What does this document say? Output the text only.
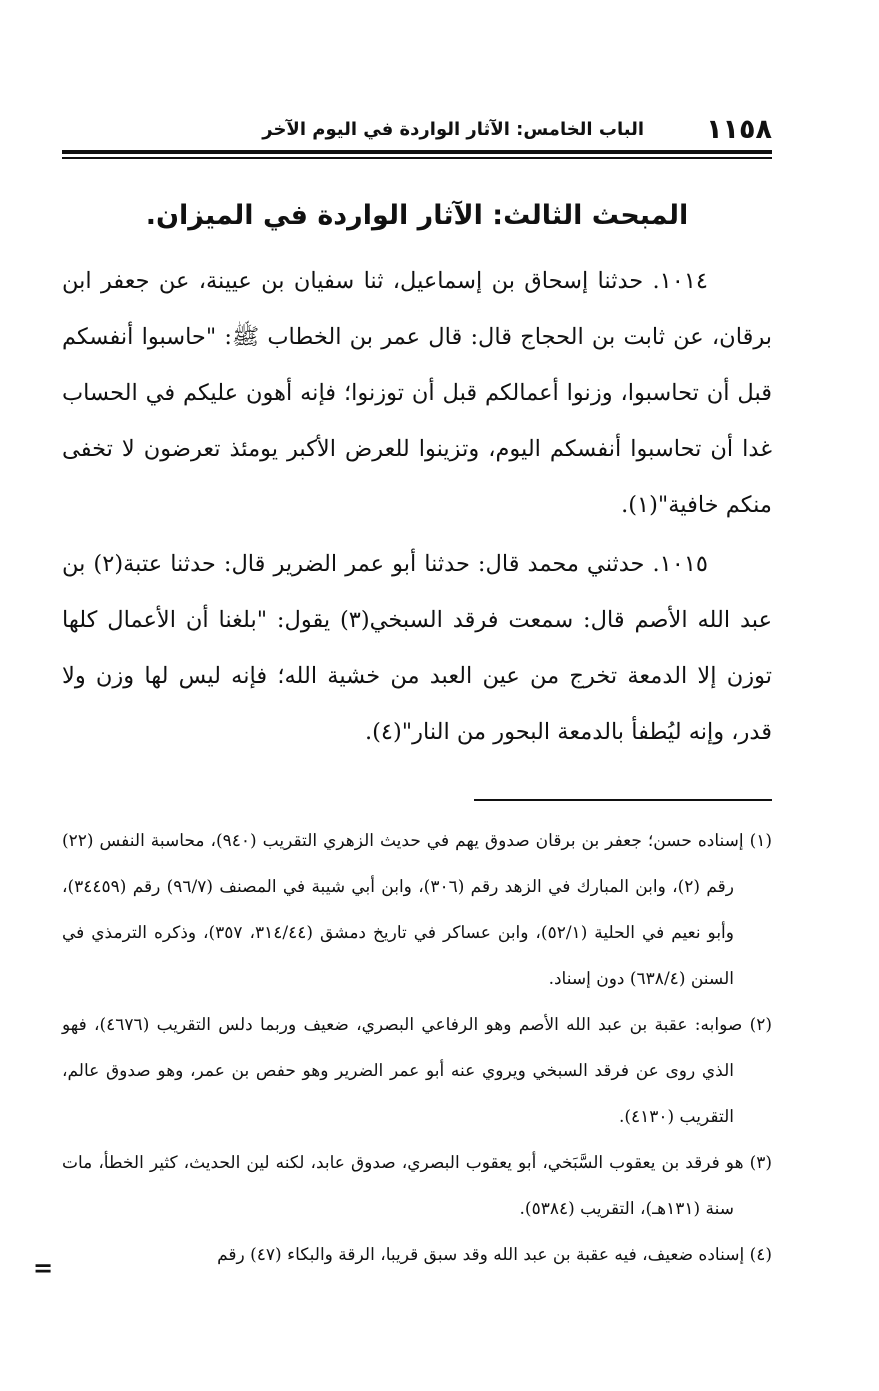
١١٥٨
الباب الخامس: الآثار الواردة في اليوم الآخر
المبحث الثالث: الآثار الواردة في الميزان.

١٠١٤. حدثنا إسحاق بن إسماعيل، ثنا سفيان بن عيينة، عن جعفر ابن برقان، عن ثابت بن الحجاج قال: قال عمر بن الخطاب ﷺ: "حاسبوا أنفسكم قبل أن تحاسبوا، وزنوا أعمالكم قبل أن توزنوا؛ فإنه أهون عليكم في الحساب غدا أن تحاسبوا أنفسكم اليوم، وتزينوا للعرض الأكبر يومئذ تعرضون لا تخفى منكم خافية"(١).

١٠١٥. حدثني محمد قال: حدثنا أبو عمر الضرير قال: حدثنا عتبة(٢) بن عبد الله الأصم قال: سمعت فرقد السبخي(٣) يقول: "بلغنا أن الأعمال كلها توزن إلا الدمعة تخرج من عين العبد من خشية الله؛ فإنه ليس لها وزن ولا قدر، وإنه ليُطفأ بالدمعة البحور من النار"(٤).

(١) إسناده حسن؛ جعفر بن برقان صدوق يهم في حديث الزهري التقريب (٩٤٠)، محاسبة النفس (٢٢) رقم (٢)، وابن المبارك في الزهد رقم (٣٠٦)، وابن أبي شيبة في المصنف (٩٦/٧) رقم (٣٤٤٥٩)، وأبو نعيم في الحلية (٥٢/١)، وابن عساكر في تاريخ دمشق (٣١٤/٤٤، ٣٥٧)، وذكره الترمذي في السنن (٦٣٨/٤) دون إسناد.

(٢) صوابه: عقبة بن عبد الله الأصم وهو الرفاعي البصري، ضعيف وربما دلس التقريب (٤٦٧٦)، فهو الذي روى عن فرقد السبخي ويروي عنه أبو عمر الضرير وهو حفص بن عمر، وهو صدوق عالم، التقريب (٤١٣٠).

(٣) هو فرقد بن يعقوب السَّبَخي، أبو يعقوب البصري، صدوق عابد، لكنه لين الحديث، كثير الخطأ، مات سنة (١٣١هـ)، التقريب (٥٣٨٤).

(٤) إسناده ضعيف، فيه عقبة بن عبد الله وقد سبق قريبا، الرقة والبكاء (٤٧) رقم

=
